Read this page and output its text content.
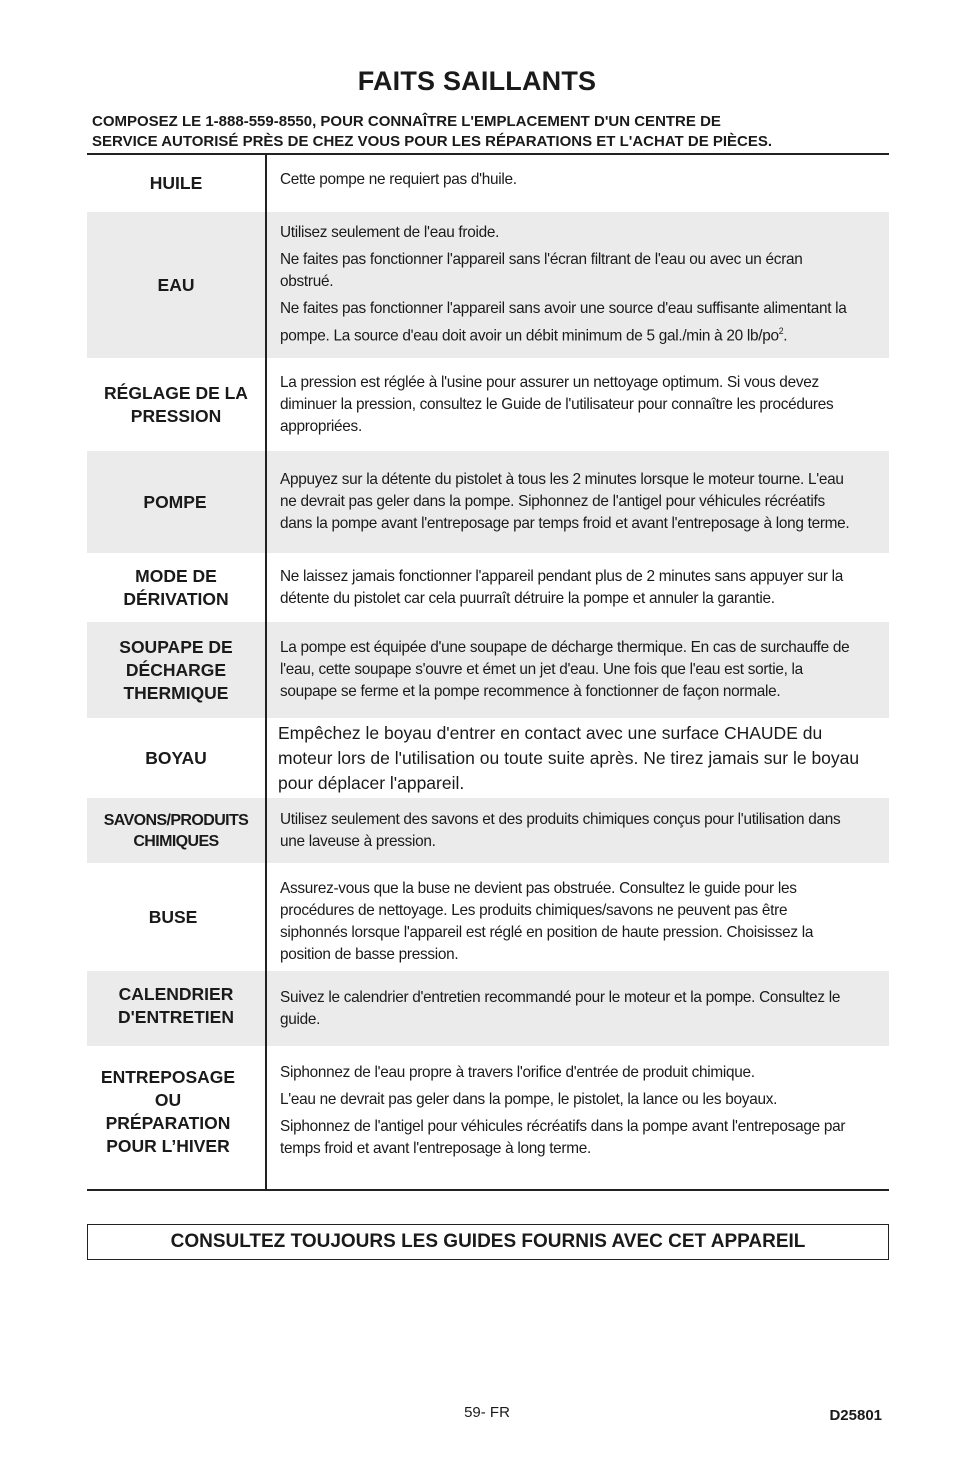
FAITS SAILLANTS
COMPOSEZ LE 1-888-559-8550, POUR CONNAÎTRE L'EMPLACEMENT D'UN CENTRE DE
SERVICE AUTORISÉ PRÈS DE CHEZ VOUS POUR LES RÉPARATIONS ET L'ACHAT DE PIÈCES.
HUILE	Cette pompe ne requiert pas d'huile.

EAU

Utilisez seulement de l'eau froide.

Ne faites pas fonctionner l'appareil sans l'écran filtrant de l'eau ou avec un écran obstrué.

Ne faites pas fonctionner l'appareil sans avoir une source d'eau suffisante alimentant la pompe. La source d'eau doit avoir un débit minimum de 5 gal./min à 20 $lb/po^2$.

RÉGLAGE DE LA
PRESSION

La pression est réglée à l'usine pour assurer un nettoyage optimum. Si vous devez diminuer la pression, consultez le Guide de l'utilisateur pour connaître les procédures appropriées.

POMPE

Appuyez sur la détente du pistolet à tous les 2 minutes lorsque le moteur tourne. L'eau ne devrait pas geler dans la pompe. Siphonnez de l'antigel pour véhicules récréatifs dans la pompe avant l'entreposage par temps froid et avant l'entreposage à long terme.

MODE DE
DÉRIVATION

Ne laissez jamais fonctionner l'appareil pendant plus de 2 minutes sans appuyer sur la détente du pistolet car cela puurraît détruire la pompe et annuler la garantie.

SOUPAPE DE
DÉCHARGE
THERMIQUE

La pompe est équipée d'une soupape de décharge thermique. En cas de surchauffe de l'eau, cette soupape s'ouvre et émet un jet d'eau. Une fois que l'eau est sortie, la soupape se ferme et la pompe recommence à fonctionner de façon normale.

BOYAU

Empêchez le boyau d'entrer en contact avec une surface CHAUDE du moteur lors de l'utilisation ou toute suite après. Ne tirez jamais sur le boyau pour déplacer l'appareil.

SAVONS/PRODUITS
CHIMIQUES

Utilisez seulement des savons et des produits chimiques conçus pour l'utilisation dans une laveuse à pression.

BUSE

Assurez-vous que la buse ne devient pas obstruée. Consultez le guide pour les procédures de nettoyage. Les produits chimiques/savons ne peuvent pas être siphonnés lorsque l'appareil est réglé en position de haute pression. Choisissez la position de basse pression.

CALENDRIER
D'ENTRETIEN

Suivez le calendrier d'entretien recommandé pour le moteur et la pompe. Consultez le guide.

ENTREPOSAGE
OU
PRÉPARATION
POUR L’HIVER

Siphonnez de l'eau propre à travers l'orifice d'entrée de produit chimique.

L'eau ne devrait pas geler dans la pompe, le pistolet, la lance ou les boyaux.

Siphonnez de l'antigel pour véhicules récréatifs dans la pompe avant l'entreposage par temps froid et avant l'entreposage à long terme.

CONSULTEZ TOUJOURS LES GUIDES FOURNIS AVEC CET APPAREIL
59- FR	D25801
